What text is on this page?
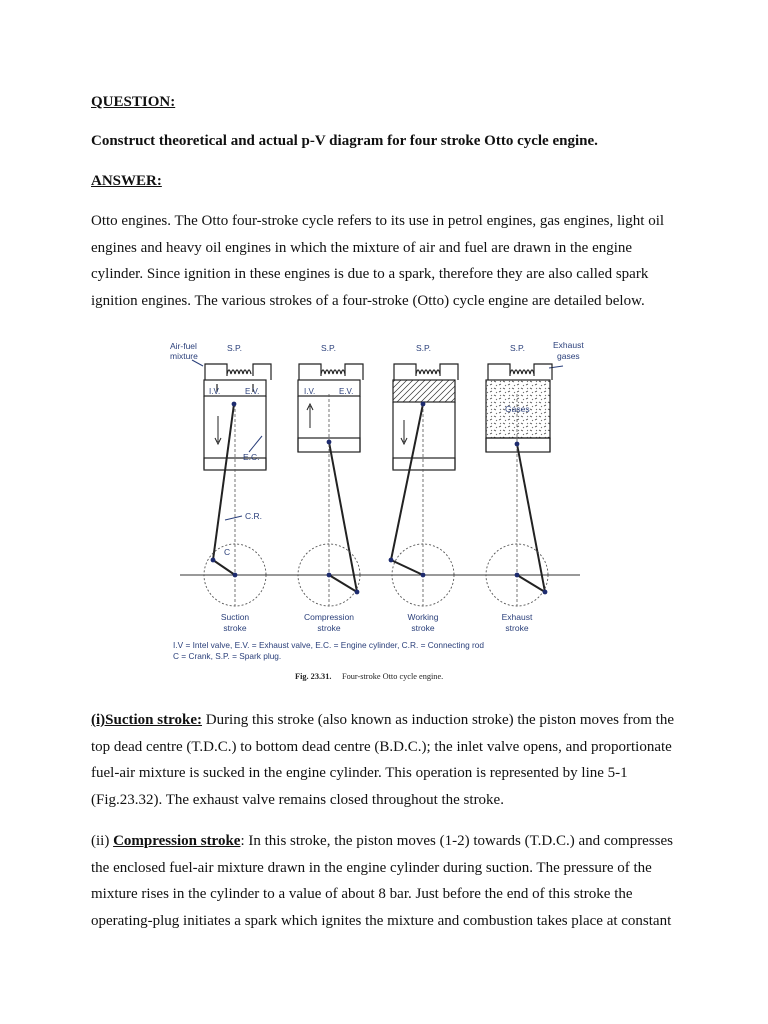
QUESTION:
Construct theoretical and actual p-V diagram for four stroke Otto cycle engine.
ANSWER:

Otto engines. The Otto four-stroke cycle refers to its use in petrol engines, gas engines, light oil engines and heavy oil engines in which the mixture of air and fuel are drawn in the engine cylinder. Since ignition in these engines is due to a spark, therefore they are also called spark ignition engines. The various strokes of a four-stroke (Otto) cycle engine are detailed below.

Air-fuel
mixture
Exhaust
gases
S.P.	S.P.	S.P.	S.P.
I.V.	E.V.
E.C.
C.R.
C
I.V.	E.V.
Gases
Suction
stroke
Compression
stroke
Working
stroke
Exhaust
stroke
I.V = Intel valve, E.V. = Exhaust valve, E.C. = Engine cylinder, C.R. = Connecting rod
C = Crank, S.P. = Spark plug.
Fig. 23.31. Four-stroke Otto cycle engine.

(i)Suction stroke: During this stroke (also known as induction stroke) the piston moves from the top dead centre (T.D.C.) to bottom dead centre (B.D.C.); the inlet valve opens, and proportionate fuel-air mixture is sucked in the engine cylinder. This operation is represented by line 5-1 (Fig.23.32). The exhaust valve remains closed throughout the stroke.

(ii) Compression stroke: In this stroke, the piston moves (1-2) towards (T.D.C.) and compresses the enclosed fuel-air mixture drawn in the engine cylinder during suction. The pressure of the mixture rises in the cylinder to a value of about 8 bar. Just before the end of this stroke the operating-plug initiates a spark which ignites the mixture and combustion takes place at constant
